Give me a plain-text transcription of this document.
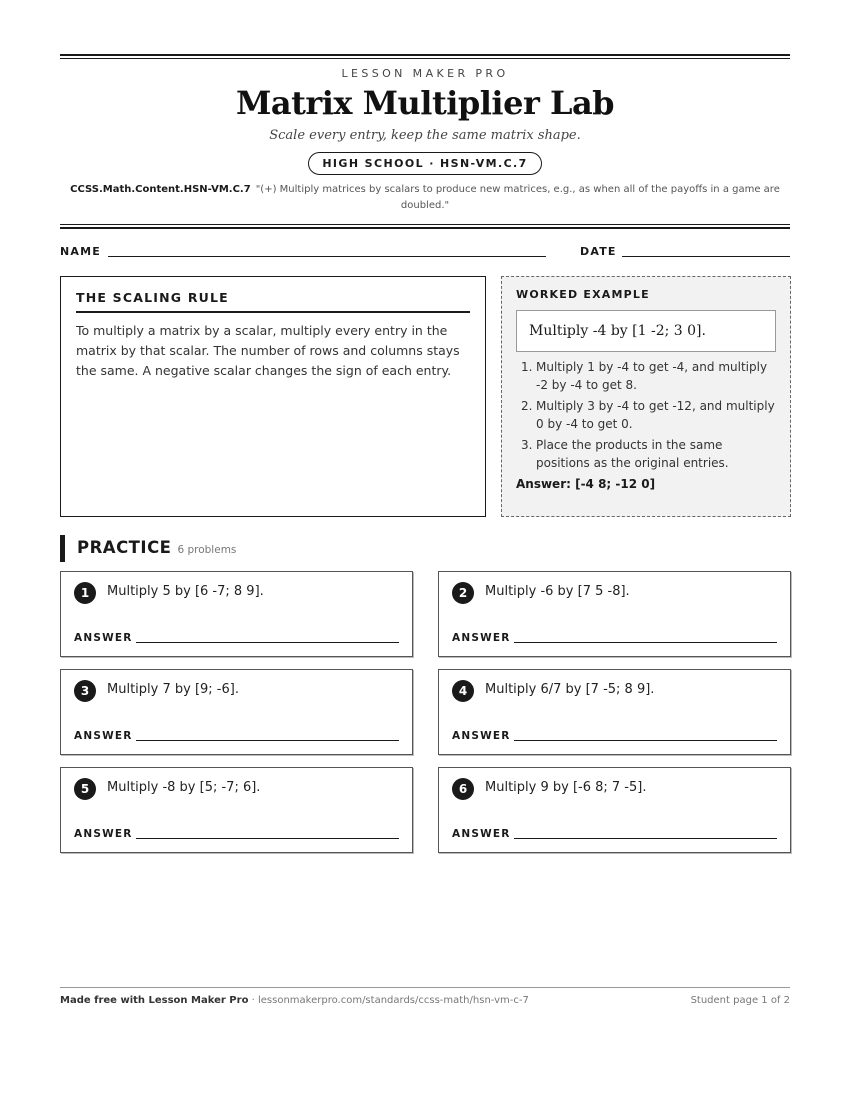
LESSON MAKER PRO
Matrix Multiplier Lab
Scale every entry, keep the same matrix shape.
HIGH SCHOOL · HSN-VM.C.7
CCSS.Math.Content.HSN-VM.C.7 "(+) Multiply matrices by scalars to produce new matrices, e.g., as when all of the payoffs in a game are doubled."
NAME	DATE
THE SCALING RULE
To multiply a matrix by a scalar, multiply every entry in the matrix by that scalar. The number of rows and columns stays the same. A negative scalar changes the sign of each entry.
WORKED EXAMPLE
Multiply -4 by [1 -2; 3 0].
1. Multiply 1 by -4 to get -4, and multiply -2 by -4 to get 8.
2. Multiply 3 by -4 to get -12, and multiply 0 by -4 to get 0.
3. Place the products in the same positions as the original entries.
Answer: [-4 8; -12 0]
PRACTICE 6 problems
1	Multiply 5 by [6 -7; 8 9].
ANSWER
2	Multiply -6 by [7 5 -8].
ANSWER
3	Multiply 7 by [9; -6].
ANSWER
4	Multiply 6/7 by [7 -5; 8 9].
ANSWER
5	Multiply -8 by [5; -7; 6].
ANSWER
6	Multiply 9 by [-6 8; 7 -5].
ANSWER
Made free with Lesson Maker Pro · lessonmakerpro.com/standards/ccss-math/hsn-vm-c-7	Student page 1 of 2
